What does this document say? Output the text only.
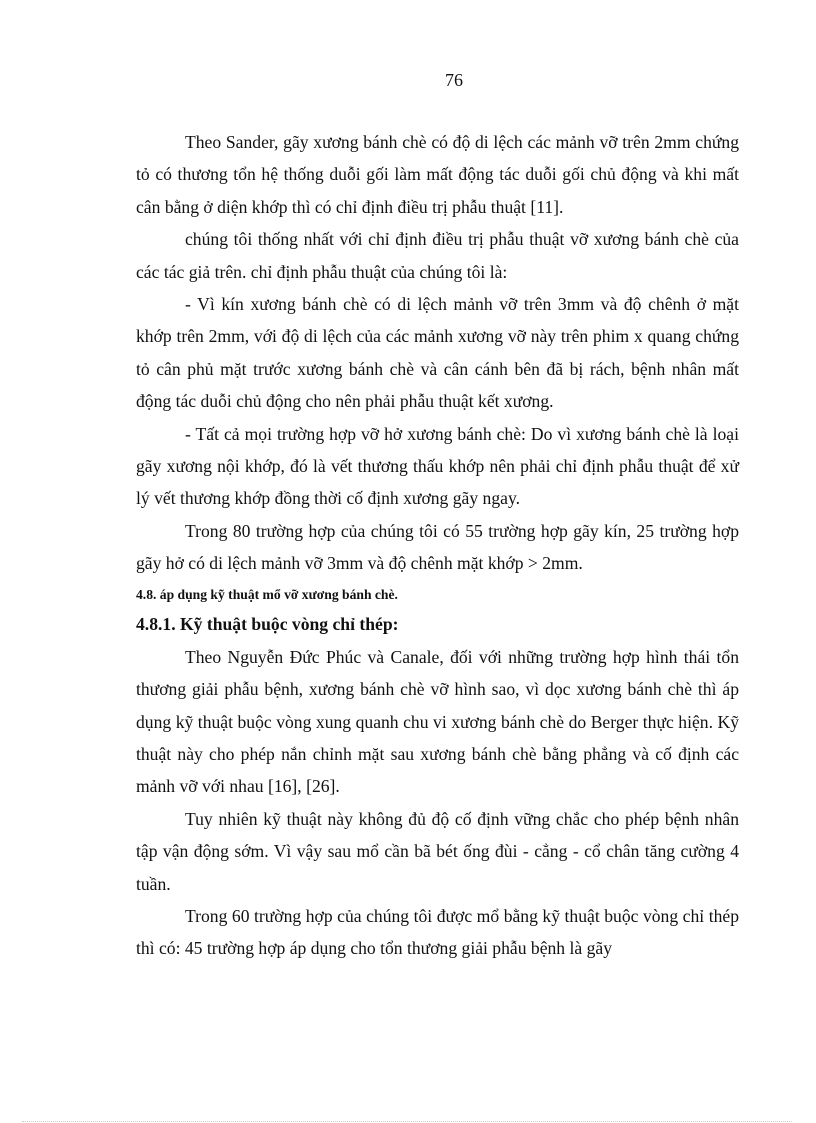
76

Theo Sander, gãy xương bánh chè có độ di lệch các mảnh vỡ trên 2mm chứng tỏ có thương tổn hệ thống duỗi gối làm mất động tác duỗi gối chủ động và khi mất cân bằng ở diện khớp thì có chỉ định điều trị phẫu thuật [11].

chúng tôi thống nhất với chỉ định điều trị phẫu thuật vỡ xương bánh chè của các tác giả trên. chỉ định phẫu thuật của chúng tôi là:

- Vì kín xương bánh chè có di lệch mảnh vỡ trên 3mm và độ chênh ở mặt khớp trên 2mm, với độ di lệch của các mảnh xương vỡ này trên phim x quang chứng tỏ cân phủ mặt trước xương bánh chè và cân cánh bên đã bị rách, bệnh nhân mất động tác duỗi chủ động cho nên phải phẫu thuật kết xương.

- Tất cả mọi trường hợp vỡ hở xương bánh chè: Do vì xương bánh chè là loại gãy xương nội khớp, đó là vết thương thấu khớp nên phải chỉ định phẫu thuật để xử lý vết thương khớp đồng thời cố định xương gãy ngay.

Trong 80 trường hợp của chúng tôi có 55 trường hợp gãy kín, 25 trường hợp gãy hở có di lệch mảnh vỡ 3mm và độ chênh mặt khớp > 2mm.

4.8. áp dụng kỹ thuật mổ vỡ xương bánh chè.

4.8.1. Kỹ thuật buộc vòng chỉ thép:

Theo Nguyễn Đức Phúc và Canale, đối với những trường hợp hình thái tổn thương giải phẫu bệnh, xương bánh chè vỡ hình sao, vì dọc xương bánh chè thì áp dụng kỹ thuật buộc vòng xung quanh chu vi xương bánh chè do Berger thực hiện. Kỹ thuật này cho phép nắn chỉnh mặt sau xương bánh chè bằng phẳng và cố định các mảnh vỡ với nhau [16], [26].

Tuy nhiên kỹ thuật này không đủ độ cố định vững chắc cho phép bệnh nhân tập vận động sớm. Vì vậy sau mổ cần bã bét ống đùi - cẳng - cổ chân tăng cường 4 tuần.

Trong 60 trường hợp của chúng tôi được mổ bằng kỹ thuật buộc vòng chỉ thép thì có: 45 trường hợp áp dụng cho tổn thương giải phẫu bệnh là gãy
